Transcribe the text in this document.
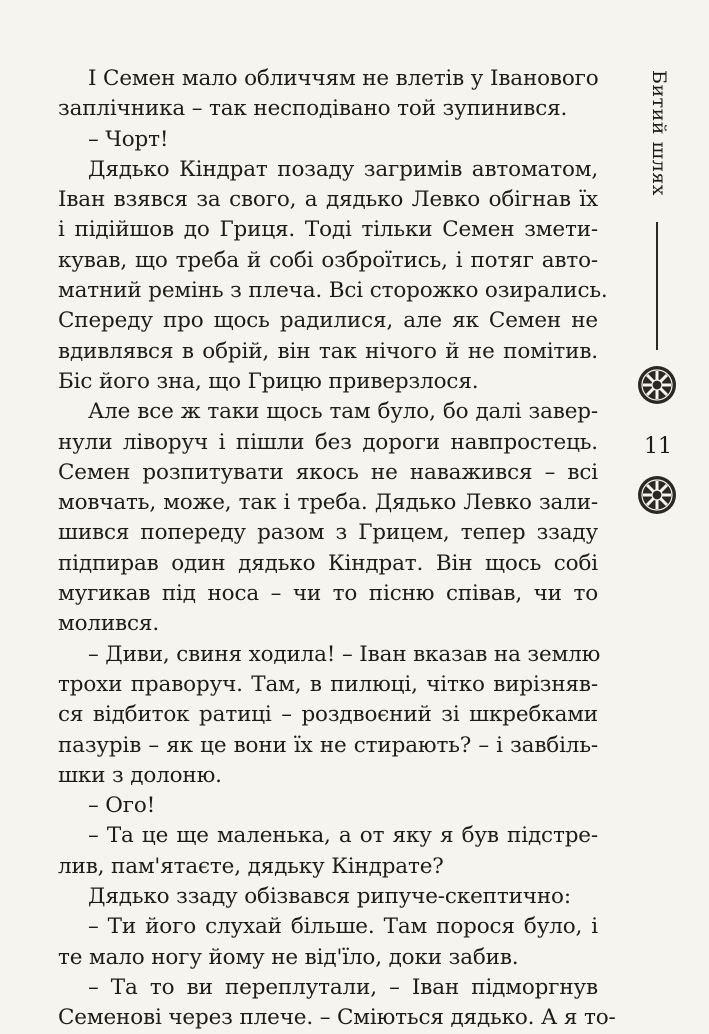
І Семен мало обличчям не влетів у Іванового
заплічника – так несподівано той зупинився.
– Чорт!
Дядько Кіндрат позаду загримів автоматом,
Іван взявся за свого, а дядько Левко обігнав їх
і підійшов до Гриця. Тоді тільки Семен змети-
кував, що треба й собі озброїтись, і потяг авто-
матний ремінь з плеча. Всі сторожко озирались.
Спереду про щось радилися, але як Семен не
вдивлявся в обрій, він так нічого й не помітив.
Біс його зна, що Грицю приверзлося.
Але все ж таки щось там було, бо далі завер-
нули ліворуч і пішли без дороги навпростець.
Семен розпитувати якось не наважився – всі
мовчать, може, так і треба. Дядько Левко зали-
шився попереду разом з Грицем, тепер ззаду
підпирав один дядько Кіндрат. Він щось собі
мугикав під носа – чи то пісню співав, чи то
молився.
– Диви, свиня ходила! – Іван вказав на землю
трохи праворуч. Там, в пилюці, чітко вирізняв-
ся відбиток ратиці – роздвоєний зі шкребками
пазурів – як це вони їх не стирають? – і завбіль-
шки з долоню.
– Ого!
– Та це ще маленька, а от яку я був підстре-
лив, пам'ятаєте, дядьку Кіндрате?
Дядько ззаду обізвався рипуче-скептично:
– Ти його слухай більше. Там порося було, і
те мало ногу йому не від'їло, доки забив.
– Та то ви переплутали, – Іван підморгнув
Семенові через плече. – Сміються дядько. А я то-
Битий шлях
11
